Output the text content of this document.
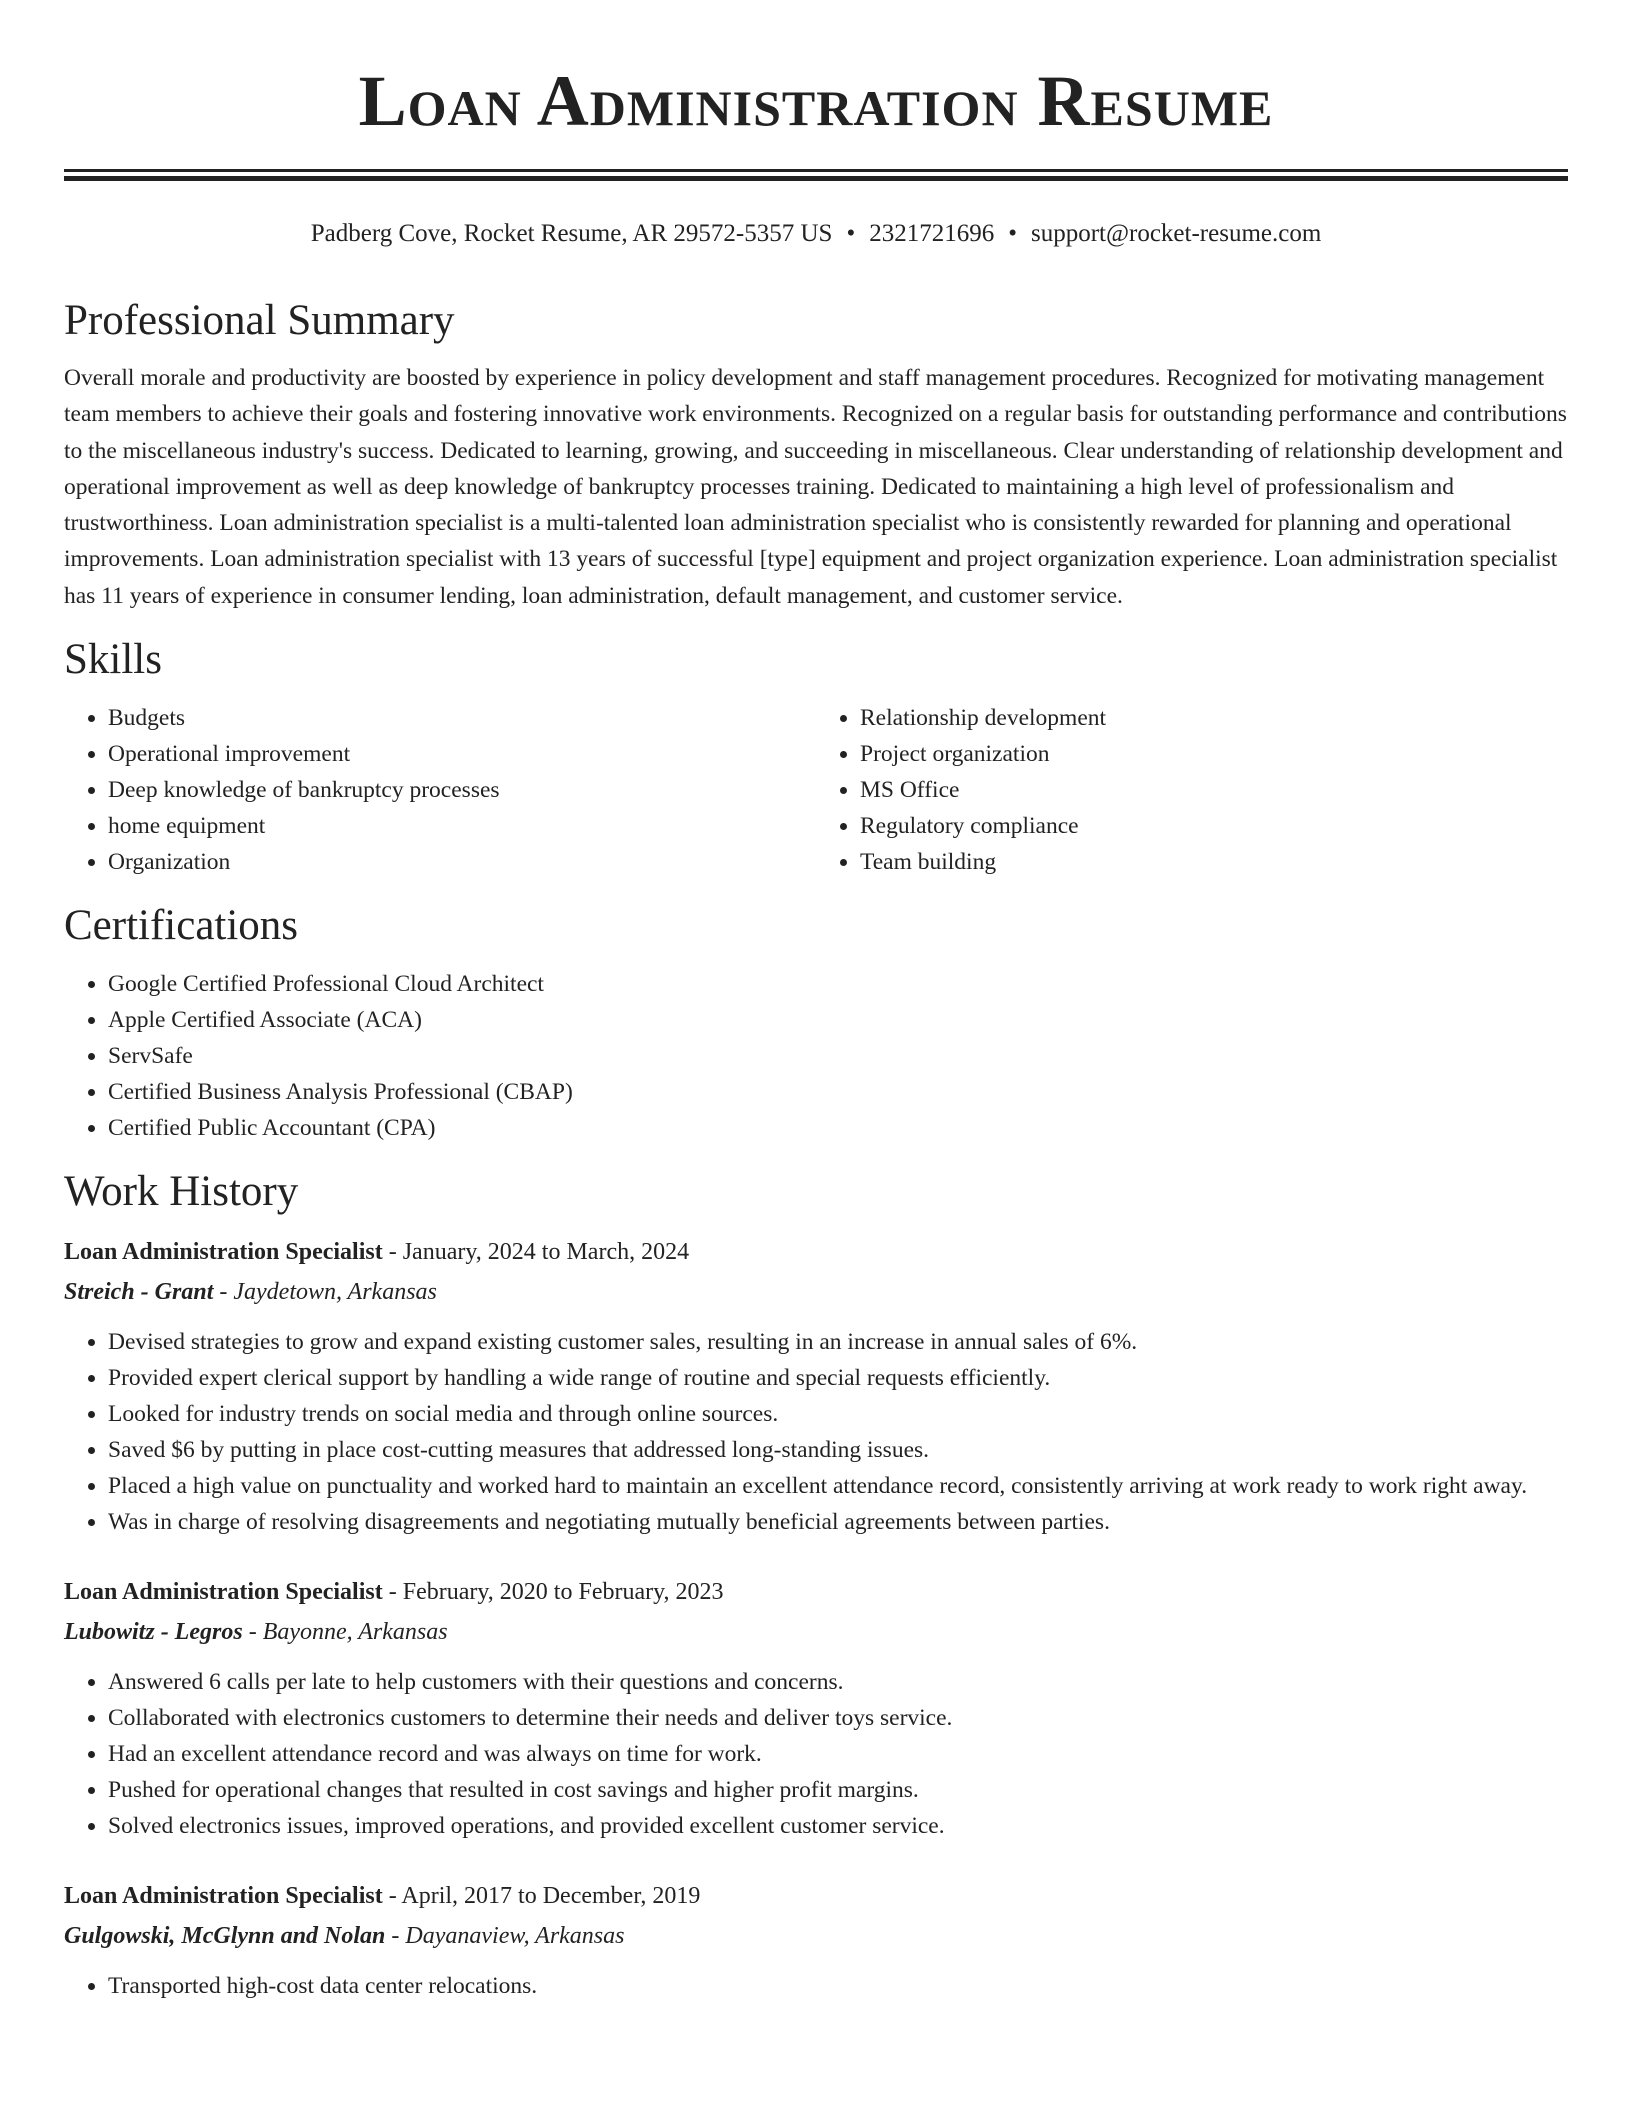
Loan Administration Resume
Padberg Cove, Rocket Resume, AR 29572-5357 US • 2321721696 • support@rocket-resume.com
Professional Summary

Overall morale and productivity are boosted by experience in policy development and staff management procedures. Recognized for motivating management team members to achieve their goals and fostering innovative work environments. Recognized on a regular basis for outstanding performance and contributions to the miscellaneous industry's success. Dedicated to learning, growing, and succeeding in miscellaneous. Clear understanding of relationship development and operational improvement as well as deep knowledge of bankruptcy processes training. Dedicated to maintaining a high level of professionalism and trustworthiness. Loan administration specialist is a multi-talented loan administration specialist who is consistently rewarded for planning and operational improvements. Loan administration specialist with 13 years of successful [type] equipment and project organization experience. Loan administration specialist has 11 years of experience in consumer lending, loan administration, default management, and customer service.

Skills
• Budgets
• Operational improvement
• Deep knowledge of bankruptcy processes
• home equipment
• Organization
• Relationship development
• Project organization
• MS Office
• Regulatory compliance
• Team building
Certifications
• Google Certified Professional Cloud Architect
• Apple Certified Associate (ACA)
• ServSafe
• Certified Business Analysis Professional (CBAP)
• Certified Public Accountant (CPA)
Work History

Loan Administration Specialist - January, 2024 to March, 2024

Streich - Grant - Jaydetown, Arkansas

• Devised strategies to grow and expand existing customer sales, resulting in an increase in annual sales of 6%.
• Provided expert clerical support by handling a wide range of routine and special requests efficiently.
• Looked for industry trends on social media and through online sources.
• Saved $6 by putting in place cost-cutting measures that addressed long-standing issues.
• Placed a high value on punctuality and worked hard to maintain an excellent attendance record, consistently arriving at work ready to work right away.
• Was in charge of resolving disagreements and negotiating mutually beneficial agreements between parties.

Loan Administration Specialist - February, 2020 to February, 2023

Lubowitz - Legros - Bayonne, Arkansas

• Answered 6 calls per late to help customers with their questions and concerns.
• Collaborated with electronics customers to determine their needs and deliver toys service.
• Had an excellent attendance record and was always on time for work.
• Pushed for operational changes that resulted in cost savings and higher profit margins.
• Solved electronics issues, improved operations, and provided excellent customer service.

Loan Administration Specialist - April, 2017 to December, 2019

Gulgowski, McGlynn and Nolan - Dayanaview, Arkansas

• Transported high-cost data center relocations.
